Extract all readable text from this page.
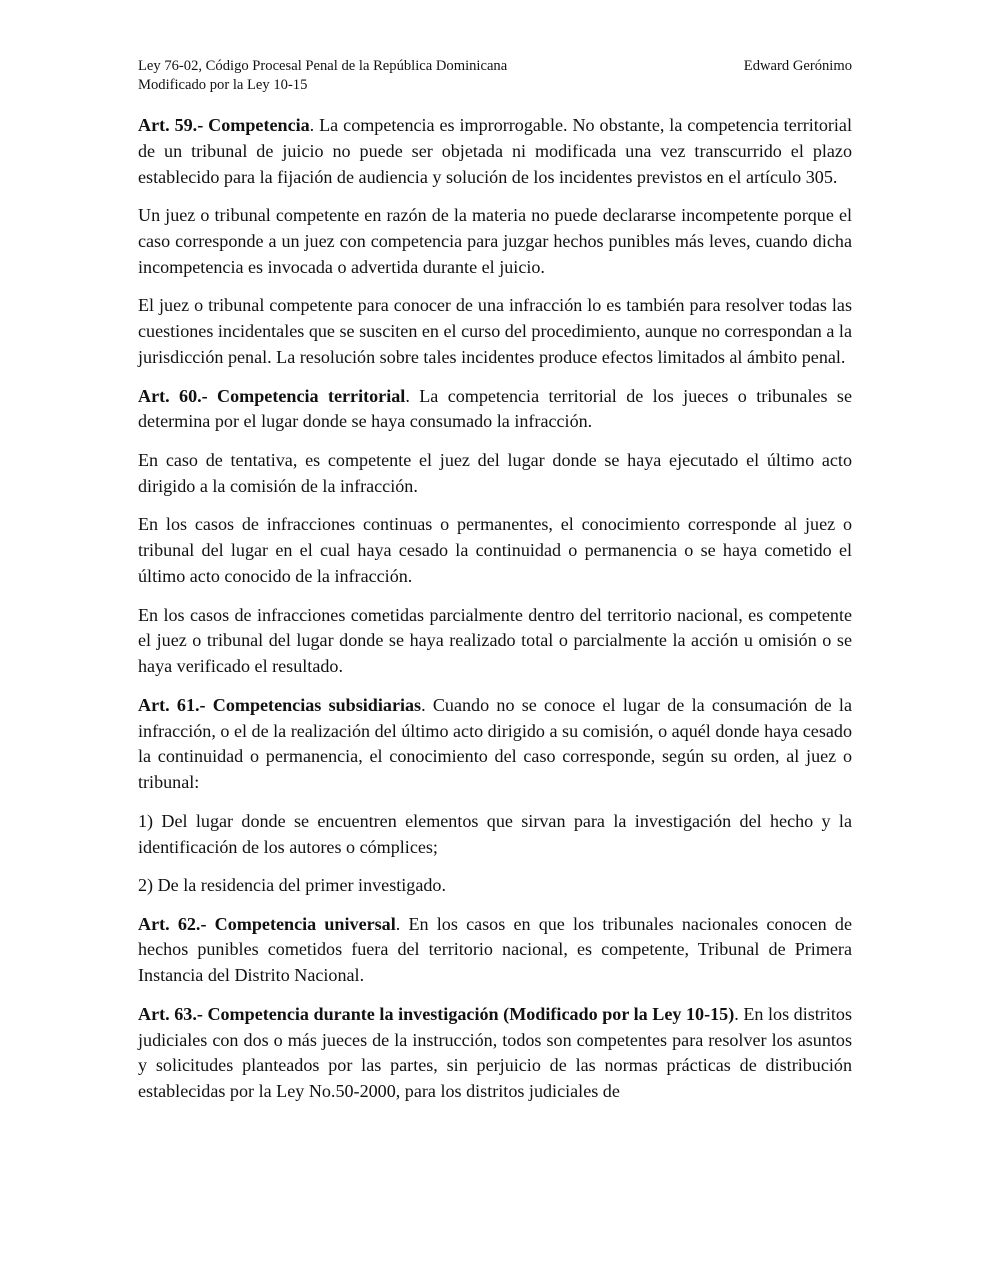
Ley 76-02, Código Procesal Penal de la República Dominicana	Edward Gerónimo
Modificado por la Ley 10-15

Art. 59.- Competencia. La competencia es improrrogable. No obstante, la competencia territorial de un tribunal de juicio no puede ser objetada ni modificada una vez transcurrido el plazo establecido para la fijación de audiencia y solución de los incidentes previstos en el artículo 305.

Un juez o tribunal competente en razón de la materia no puede declararse incompetente porque el caso corresponde a un juez con competencia para juzgar hechos punibles más leves, cuando dicha incompetencia es invocada o advertida durante el juicio.

El juez o tribunal competente para conocer de una infracción lo es también para resolver todas las cuestiones incidentales que se susciten en el curso del procedimiento, aunque no correspondan a la jurisdicción penal. La resolución sobre tales incidentes produce efectos limitados al ámbito penal.

Art. 60.- Competencia territorial. La competencia territorial de los jueces o tribunales se determina por el lugar donde se haya consumado la infracción.

En caso de tentativa, es competente el juez del lugar donde se haya ejecutado el último acto dirigido a la comisión de la infracción.

En los casos de infracciones continuas o permanentes, el conocimiento corresponde al juez o tribunal del lugar en el cual haya cesado la continuidad o permanencia o se haya cometido el último acto conocido de la infracción.

En los casos de infracciones cometidas parcialmente dentro del territorio nacional, es competente el juez o tribunal del lugar donde se haya realizado total o parcialmente la acción u omisión o se haya verificado el resultado.

Art. 61.- Competencias subsidiarias. Cuando no se conoce el lugar de la consumación de la infracción, o el de la realización del último acto dirigido a su comisión, o aquél donde haya cesado la continuidad o permanencia, el conocimiento del caso corresponde, según su orden, al juez o tribunal:

1) Del lugar donde se encuentren elementos que sirvan para la investigación del hecho y la identificación de los autores o cómplices;

2) De la residencia del primer investigado.

Art. 62.- Competencia universal. En los casos en que los tribunales nacionales conocen de hechos punibles cometidos fuera del territorio nacional, es competente, Tribunal de Primera Instancia del Distrito Nacional.

Art. 63.- Competencia durante la investigación (Modificado por la Ley 10-15). En los distritos judiciales con dos o más jueces de la instrucción, todos son competentes para resolver los asuntos y solicitudes planteados por las partes, sin perjuicio de las normas prácticas de distribución establecidas por la Ley No.50-2000, para los distritos judiciales de
